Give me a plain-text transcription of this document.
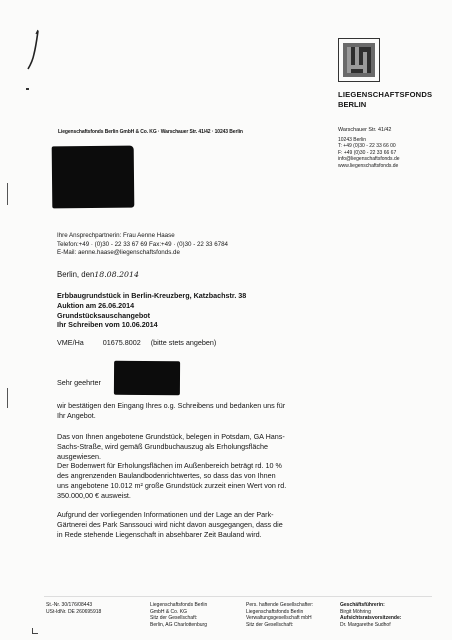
LIEGENSCHAFTSFONDS
BERLIN
Liegenschaftsfonds Berlin GmbH & Co. KG · Warschauer Str. 41/42 · 10243 Berlin	Warschauer Str. 41/42
10243 Berlin
T: +49 (0)30 - 22 33 66 00
F: +49 (0)30 - 22 33 66 67
info@liegenschaftsfonds.de
www.liegenschaftsfonds.de
Ihre Ansprechpartnerin: Frau Aenne Haase
Telefon:+49 · (0)30 - 22 33 67 69 Fax:+49 · (0)30 - 22 33 6784
E-Mail: aenne.haase@liegenschaftsfonds.de
Berlin, den18.08.2014
Erbbaugrundstück in Berlin-Kreuzberg, Katzbachstr. 38
Auktion am 26.06.2014
Grundstücksauschangebot
Ihr Schreiben vom 10.06.2014
VME/Ha	01675.8002 (bitte stets angeben)
Sehr geehrter
wir bestätigen den Eingang Ihres o.g. Schreibens und bedanken uns für
Ihr Angebot.
Das von Ihnen angebotene Grundstück, belegen in Potsdam, GA Hans-
Sachs-Straße, wird gemäß Grundbuchauszug als Erholungsfläche
ausgewiesen.
Der Bodenwert für Erholungsflächen im Außenbereich beträgt rd. 10 %
des angrenzenden Baulandbodenrichtwertes, so dass das von Ihnen
uns angebotene 10.012 m² große Grundstück zurzeit einen Wert von rd.
350.000,00 € ausweist.
Aufgrund der vorliegenden Informationen und der Lage an der Park-
Gärtnerei des Park Sanssouci wird nicht davon ausgegangen, dass die
in Rede stehende Liegenschaft in absehbarer Zeit Bauland wird.
St.-Nr. 30/176/08443
USt-IdNr. DE 260695918
Liegenschaftsfonds Berlin
GmbH & Co. KG
Sitz der Gesellschaft:
Berlin, AG Charlottenburg
Pers. haftende Gesellschafter:
Liegenschaftsfonds Berlin
Verwaltungsgesellschaft mbH
Sitz der Gesellschaft:
Geschäftsführerin:
Birgit Möhring
Aufsichtsratsvorsitzende:
Dr. Margarethe Sudhof
